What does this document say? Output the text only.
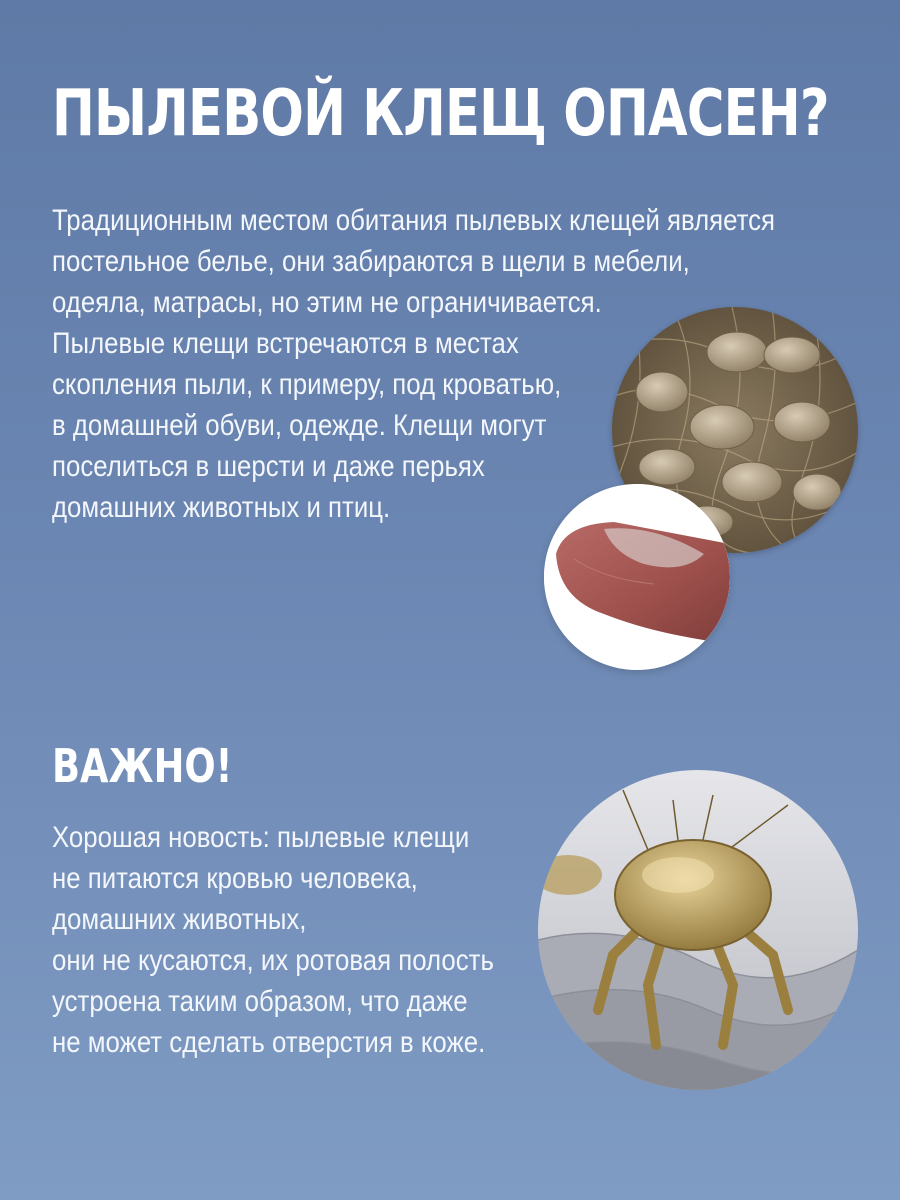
ПЫЛЕВОЙ КЛЕЩ ОПАСЕН?

Традиционным местом обитания пылевых клещей является
постельное белье, они забираются в щели в мебели,
одеяла, матрасы, но этим не ограничивается.
Пылевые клещи встречаются в местах
скопления пыли, к примеру, под кроватью,
в домашней обуви, одежде. Клещи могут
поселиться в шерсти и даже перьях
домашних животных и птиц.

ВАЖНО!

Хорошая новость: пылевые клещи
не питаются кровью человека,
домашних животных,
они не кусаются, их ротовая полость
устроена таким образом, что даже
не может сделать отверстия в коже.
